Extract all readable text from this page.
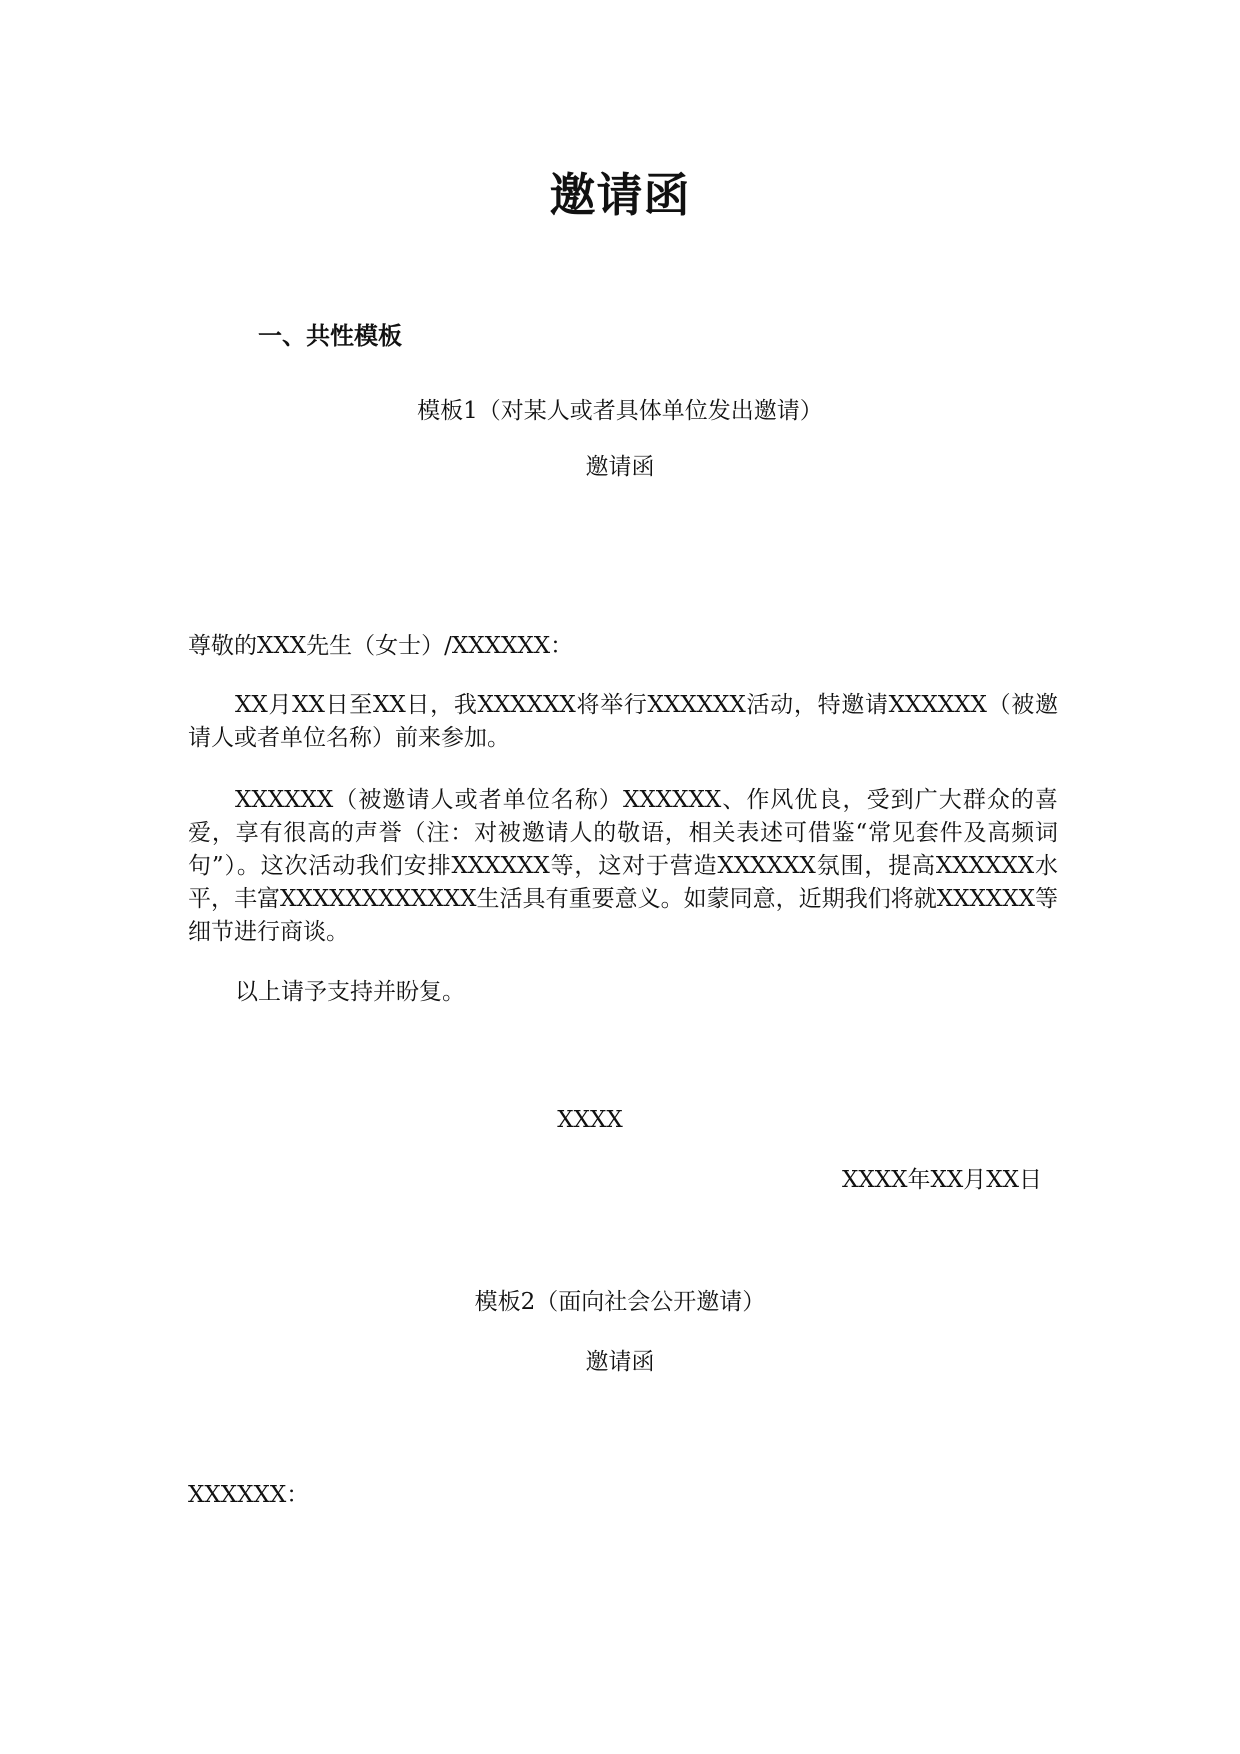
邀请函
一、共性模板
模板1（对某人或者具体单位发出邀请）
邀请函
尊敬的XXX先生（女士）/XXXXXX：

XX月XX日至XX日，我XXXXXX将举行XXXXXX活动，特邀请XXXXXX（被邀请人或者单位名称）前来参加。

XXXXXX（被邀请人或者单位名称）XXXXXX、作风优良，受到广大群众的喜爱，享有很高的声誉（注：对被邀请人的敬语，相关表述可借鉴“常见套件及高频词句”）。这次活动我们安排XXXXXX等，这对于营造XXXXXX氛围，提高XXXXXX水平，丰富XXXXXXXXXXXX生活具有重要意义。如蒙同意，近期我们将就XXXXXX等细节进行商谈。

以上请予支持并盼复。

XXXX
XXXX年XX月XX日
模板2（面向社会公开邀请）
邀请函
XXXXXX：
